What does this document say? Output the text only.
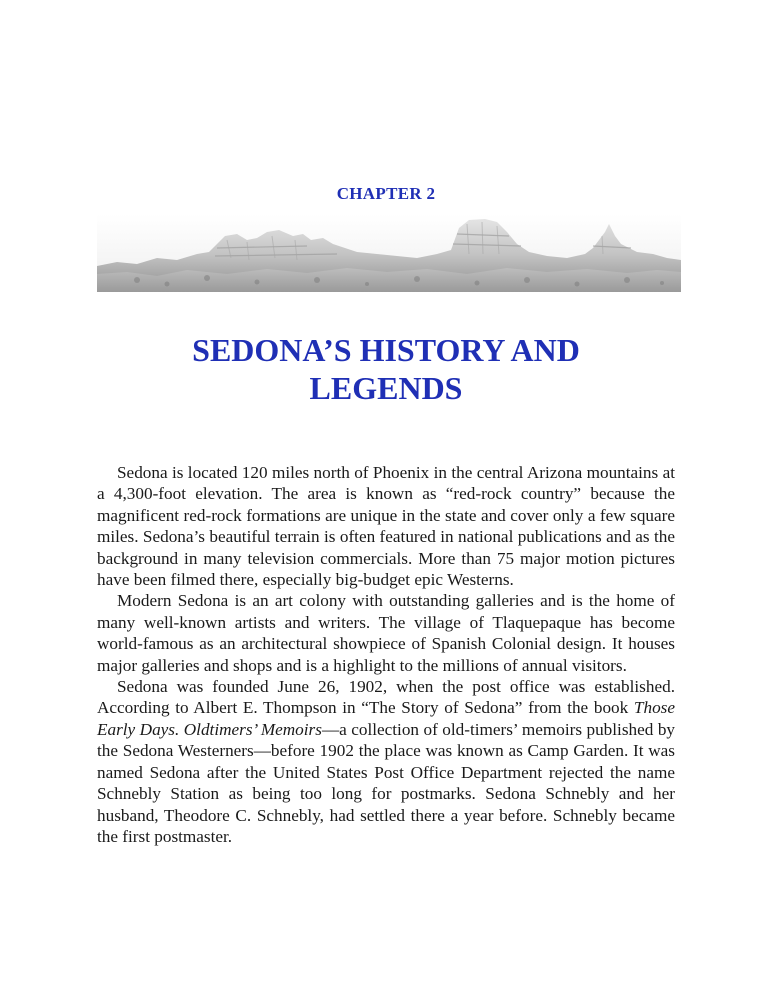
CHAPTER 2
SEDONA’S HISTORY AND
LEGENDS

Sedona is located 120 miles north of Phoenix in the central Arizona mountains at a 4,300-foot elevation. The area is known as “red-rock country” because the magnificent red-rock formations are unique in the state and cover only a few square miles. Sedona’s beautiful terrain is often featured in national publications and as the background in many television commercials. More than 75 major motion pictures have been filmed there, especially big-budget epic Westerns.

Modern Sedona is an art colony with outstanding galleries and is the home of many well-known artists and writers. The village of Tlaquepaque has become world-famous as an architectural showpiece of Spanish Colonial design. It houses major galleries and shops and is a highlight to the millions of annual visitors.

Sedona was founded June 26, 1902, when the post office was established. According to Albert E. Thompson in “The Story of Sedona” from the book Those Early Days. Oldtimers’ Memoirs—a collection of old-timers’ memoirs published by the Sedona Westerners—before 1902 the place was known as Camp Garden. It was named Sedona after the United States Post Office Department rejected the name Schnebly Station as being too long for postmarks. Sedona Schnebly and her husband, Theodore C. Schnebly, had settled there a year before. Schnebly became the first postmaster.
